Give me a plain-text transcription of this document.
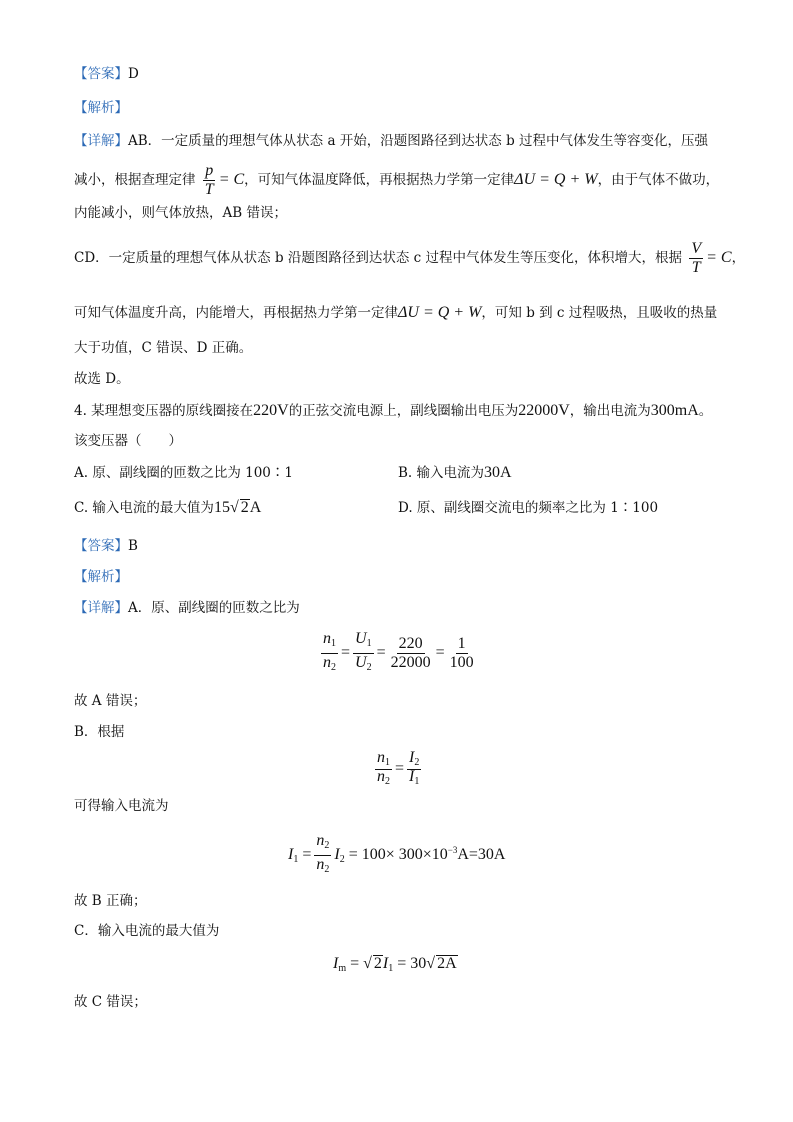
【答案】D
【解析】
【详解】AB．一定质量的理想气体从状态 a 开始，沿题图路径到达状态 b 过程中气体发生等容变化，压强
减小，根据查理定律 $\frac{p}{T} = C$，可知气体温度降低，再根据热力学第一定律ΔU = Q + W，由于气体不做功，
内能减小，则气体放热，AB 错误；
CD．一定质量的理想气体从状态 b 沿题图路径到达状态 c 过程中气体发生等压变化，体积增大，根据 $\frac{V}{T} = C$，
可知气体温度升高，内能增大，再根据热力学第一定律ΔU = Q + W，可知 b 到 c 过程吸热，且吸收的热量
大于功值，C 错误、D 正确。
故选 D。
4. 某理想变压器的原线圈接在220V的正弦交流电源上，副线圈输出电压为22000V，输出电流为300mA。
该变压器（　　）
A. 原、副线圈的匝数之比为 100∶1	B. 输入电流为30A
C. 输入电流的最大值为15√ 2A	D. 原、副线圈交流电的频率之比为 1∶100
【答案】B
【解析】
【详解】A．原、副线圈的匝数之比为
$\frac{n_1}{n_2} = \frac{U_1}{U_2} = \frac{220}{22000} = \frac{1}{100}$
故 A 错误；
B．根据
$\frac{n_1}{n_2} = \frac{I_2}{I_1}$
可得输入电流为
$I_1 = \frac{n_2}{n_2} I_2 = 100\times 300\times 10^{-3}A=30A$
故 B 正确；
C．输入电流的最大值为
$I_m$ = √ $2I_1 = 30√$ 2A
故 C 错误；
